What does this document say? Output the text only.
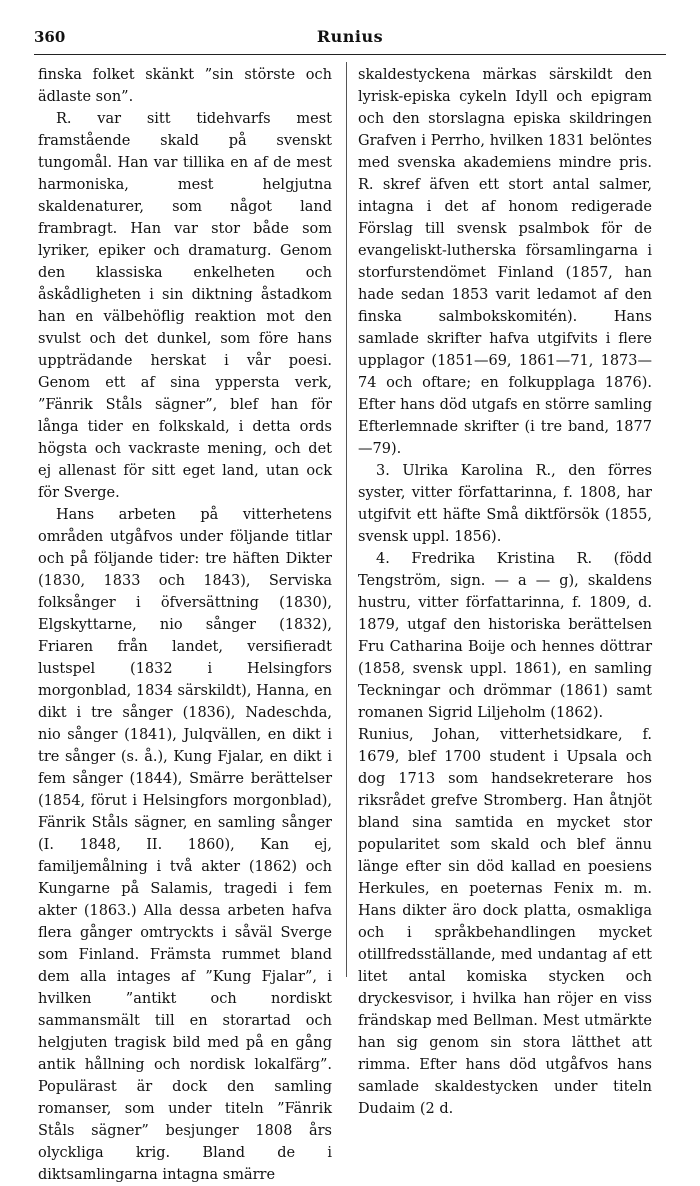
360	Runius

finska folket skänkt ”sin störste och ädlaste son”.

R. var sitt tidehvarfs mest framstående skald på svenskt tungomål. Han var tillika en af de mest harmoniska, mest helgjutna skaldenaturer, som något land frambragt. Han var stor både som lyriker, epiker och dramaturg. Genom den klassiska enkelheten och åskådligheten i sin diktning åstadkom han en välbehöflig reaktion mot den svulst och det dunkel, som före hans uppträdande herskat i vår poesi. Genom ett af sina yppersta verk, ”Fänrik Ståls sägner”, blef han för långa tider en folkskald, i detta ords högsta och vackraste mening, och det ej allenast för sitt eget land, utan ock för Sverge.

Hans arbeten på vitterhetens områden utgåfvos under följande titlar och på följande tider: tre häften Dikter (1830, 1833 och 1843), Serviska folksånger i öfversättning (1830), Elgskyttarne, nio sånger (1832), Friaren från landet, versifieradt lustspel (1832 i Helsingfors morgonblad, 1834 särskildt), Hanna, en dikt i tre sånger (1836), Nadeschda, nio sånger (1841), Julqvällen, en dikt i tre sånger (s. å.), Kung Fjalar, en dikt i fem sånger (1844), Smärre berättelser (1854, förut i Helsingfors morgonblad), Fänrik Ståls sägner, en samling sånger (I. 1848, II. 1860), Kan ej, familjemålning i två akter (1862) och Kungarne på Salamis, tragedi i fem akter (1863.) Alla dessa arbeten hafva flera gånger omtryckts i såväl Sverge som Finland. Främsta rummet bland dem alla intages af ”Kung Fjalar”, i hvilken ”antikt och nordiskt sammansmält till en storartad och helgjuten tragisk bild med på en gång antik hållning och nordisk lokalfärg”. Populärast är dock den samling romanser, som under titeln ”Fänrik Ståls sägner” besjunger 1808 års olyckliga krig. Bland de i diktsamlingarna intagna smärre

skaldestyckena märkas särskildt den lyrisk-episka cykeln Idyll och epigram och den storslagna episka skildringen Grafven i Perrho, hvilken 1831 belöntes med svenska akademiens mindre pris. R. skref äfven ett stort antal salmer, intagna i det af honom redigerade Förslag till svensk psalmbok för de evangeliskt-lutherska församlingarna i storfurstendömet Finland (1857, han hade sedan 1853 varit ledamot af den finska salmbokskomitén). Hans samlade skrifter hafva utgifvits i flere upplagor (1851—69, 1861—71, 1873—74 och oftare; en folkupplaga 1876). Efter hans död utgafs en större samling Efterlemnade skrifter (i tre band, 1877—79).

3. Ulrika Karolina R., den förres syster, vitter författarinna, f. 1808, har utgifvit ett häfte Små diktförsök (1855, svensk uppl. 1856).

4. Fredrika Kristina R. (född Tengström, sign. — a — g), skaldens hustru, vitter författarinna, f. 1809, d. 1879, utgaf den historiska berättelsen Fru Catharina Boije och hennes döttrar (1858, svensk uppl. 1861), en samling Teckningar och drömmar (1861) samt romanen Sigrid Liljeholm (1862).

Runius, Johan, vitterhetsidkare, f. 1679, blef 1700 student i Upsala och dog 1713 som handsekreterare hos riksrådet grefve Stromberg. Han åtnjöt bland sina samtida en mycket stor popularitet som skald och blef ännu länge efter sin död kallad en poesiens Herkules, en poeternas Fenix m. m. Hans dikter äro dock platta, osmakliga och i språkbehandlingen mycket otillfredsställande, med undantag af ett litet antal komiska stycken och dryckesvisor, i hvilka han röjer en viss frändskap med Bellman. Mest utmärkte han sig genom sin stora lätthet att rimma. Efter hans död utgåfvos hans samlade skaldestycken under titeln Dudaim (2 d.
